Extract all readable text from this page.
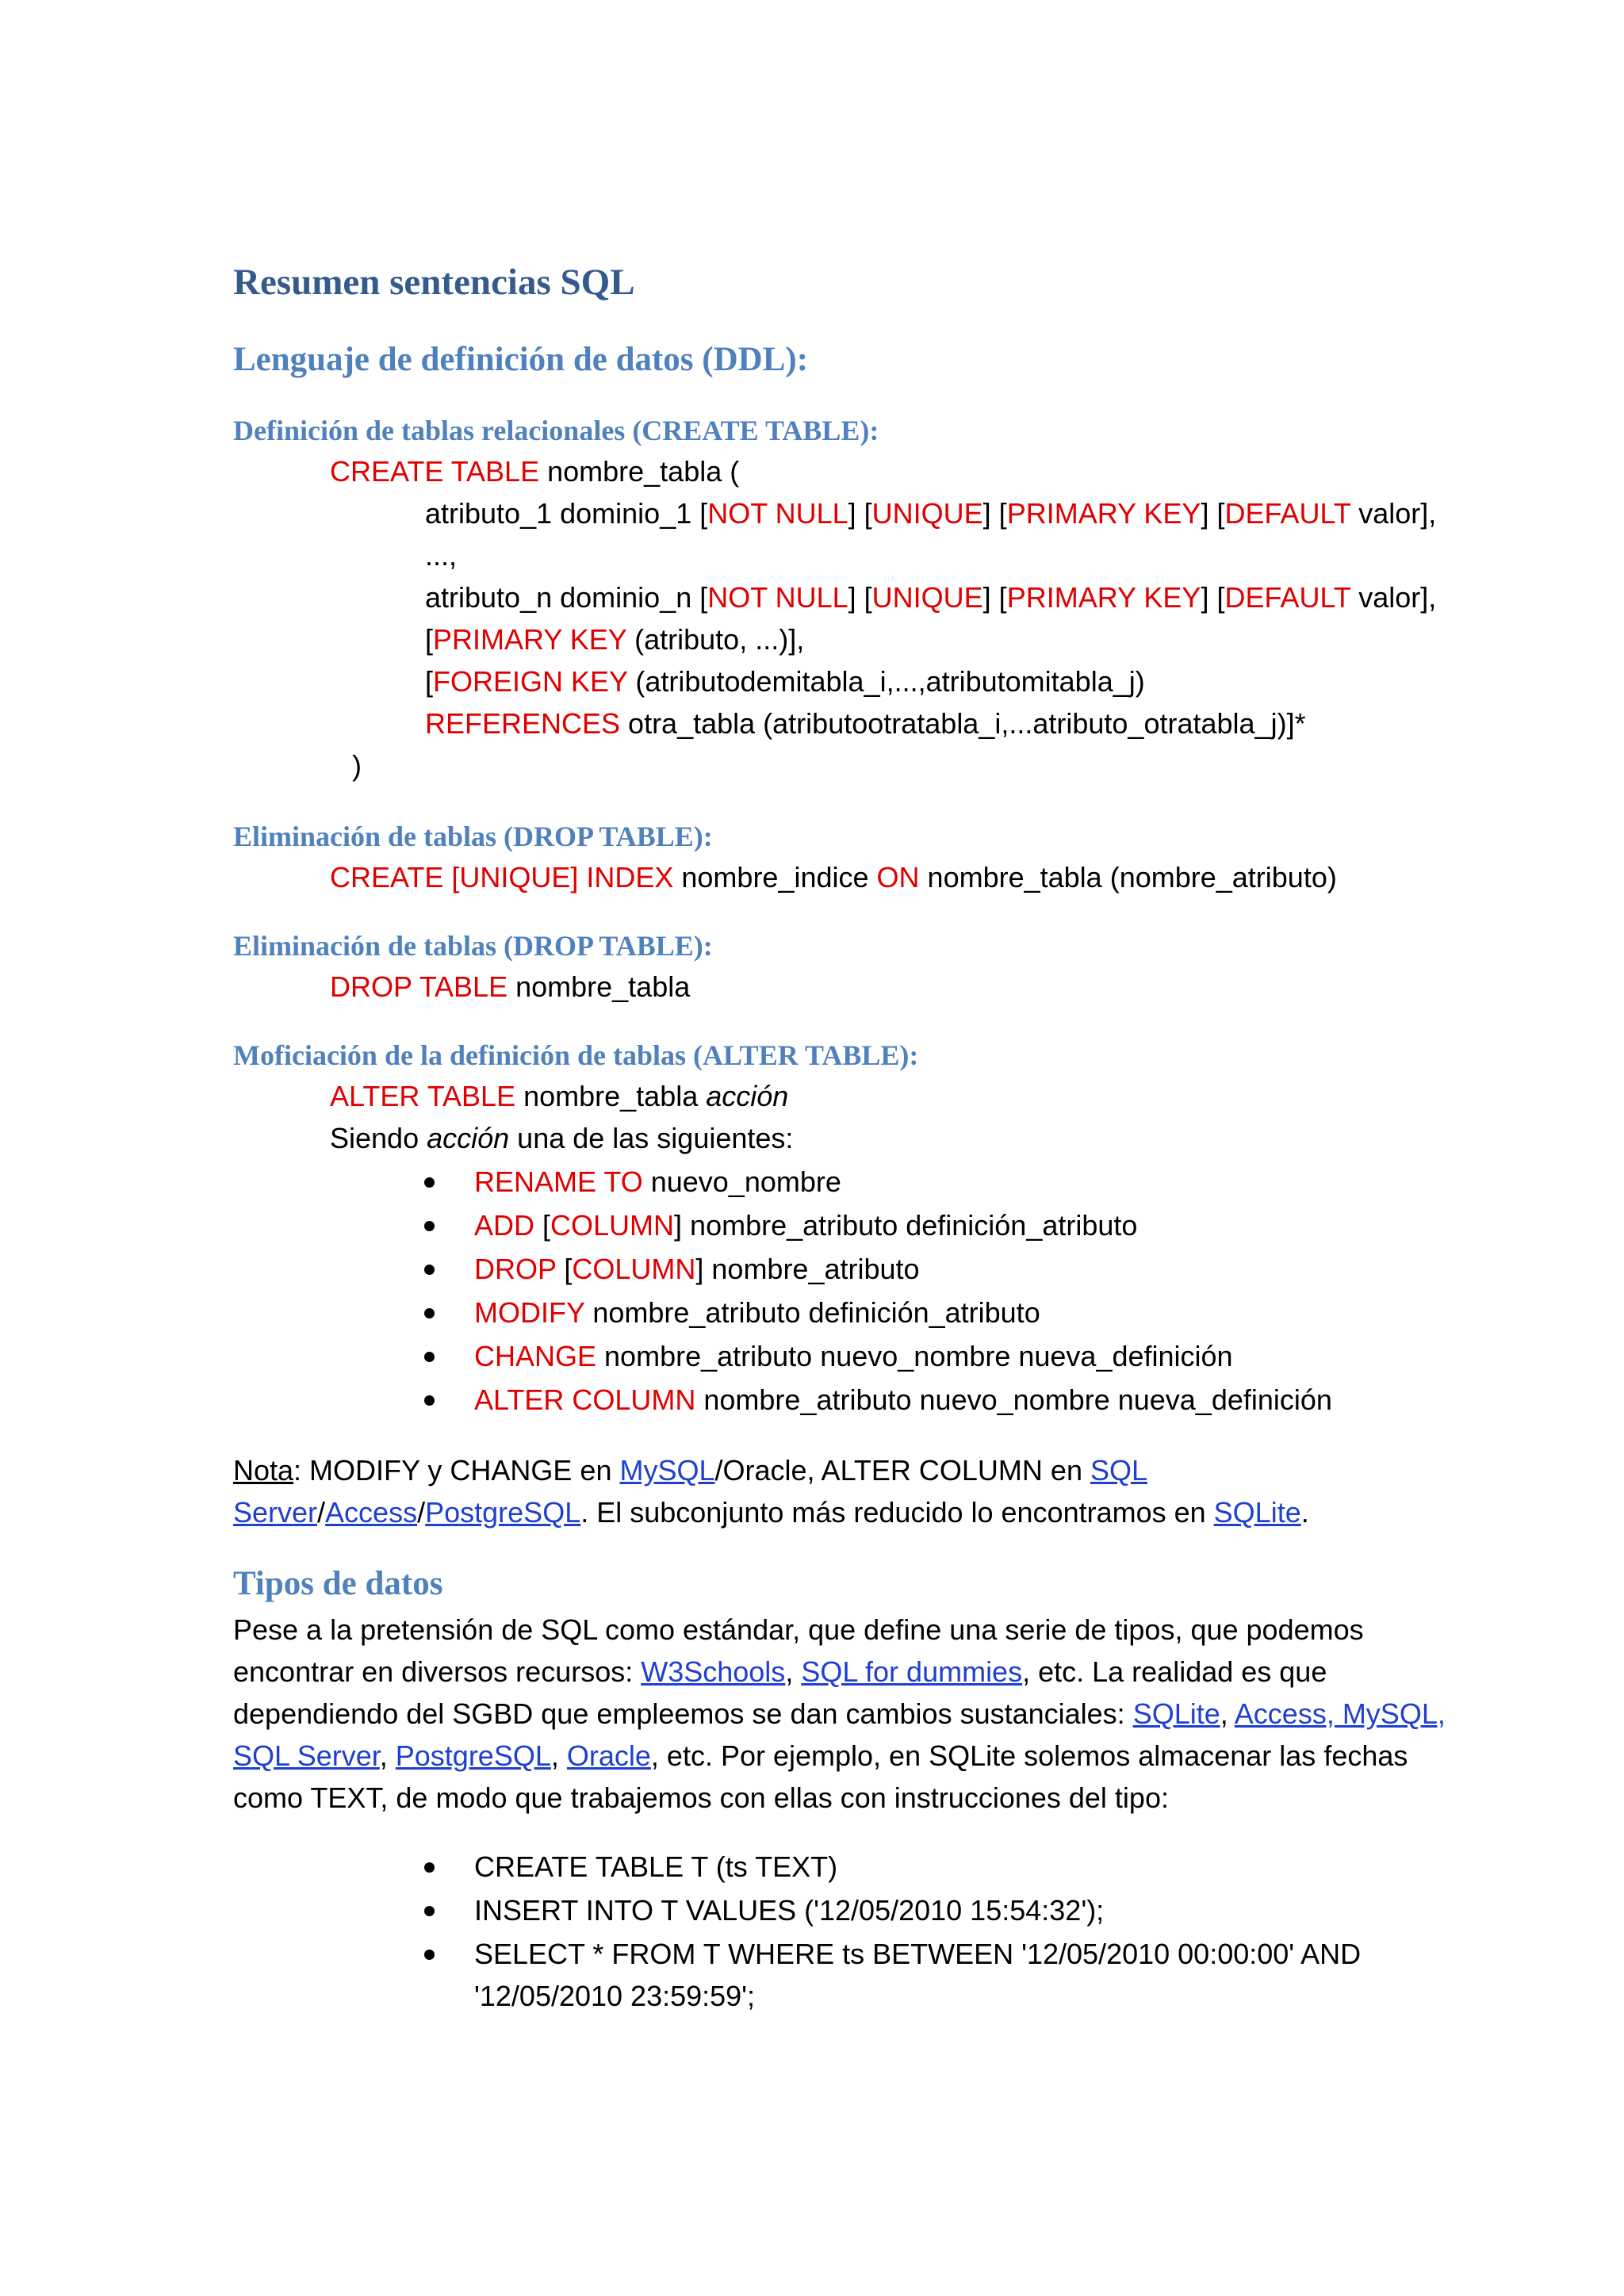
Resumen sentencias SQL
Lenguaje de definición de datos (DDL):
Definición de tablas relacionales (CREATE TABLE):
CREATE TABLE nombre_tabla (
atributo_1 dominio_1 [NOT NULL] [UNIQUE] [PRIMARY KEY] [DEFAULT valor],
...,
atributo_n dominio_n [NOT NULL] [UNIQUE] [PRIMARY KEY] [DEFAULT valor],
[PRIMARY KEY (atributo, ...)],
[FOREIGN KEY (atributodemitabla_i,...,atributomitabla_j)
REFERENCES otra_tabla (atributootratabla_i,...atributo_otratabla_j)]*
)
Eliminación de tablas (DROP TABLE):
CREATE [UNIQUE] INDEX nombre_indice ON nombre_tabla (nombre_atributo)
Eliminación de tablas (DROP TABLE):
DROP TABLE nombre_tabla
Moficiación de la definición de tablas (ALTER TABLE):
ALTER TABLE nombre_tabla acción
Siendo acción una de las siguientes:
RENAME TO nuevo_nombre
ADD [COLUMN] nombre_atributo definición_atributo
DROP [COLUMN] nombre_atributo
MODIFY nombre_atributo definición_atributo
CHANGE nombre_atributo nuevo_nombre nueva_definición
ALTER COLUMN nombre_atributo nuevo_nombre nueva_definición
Nota: MODIFY y CHANGE en MySQL/Oracle, ALTER COLUMN en SQL
Server/Access/PostgreSQL. El subconjunto más reducido lo encontramos en SQLite.
Tipos de datos
Pese a la pretensión de SQL como estándar, que define una serie de tipos, que podemos
encontrar en diversos recursos: W3Schools, SQL for dummies, etc. La realidad es que
dependiendo del SGBD que empleemos se dan cambios sustanciales: SQLite, Access, MySQL,
SQL Server, PostgreSQL, Oracle, etc. Por ejemplo, en SQLite solemos almacenar las fechas
como TEXT, de modo que trabajemos con ellas con instrucciones del tipo:
CREATE TABLE T (ts TEXT)
INSERT INTO T VALUES ('12/05/2010 15:54:32');
SELECT * FROM T WHERE ts BETWEEN '12/05/2010 00:00:00' AND
'12/05/2010 23:59:59';
